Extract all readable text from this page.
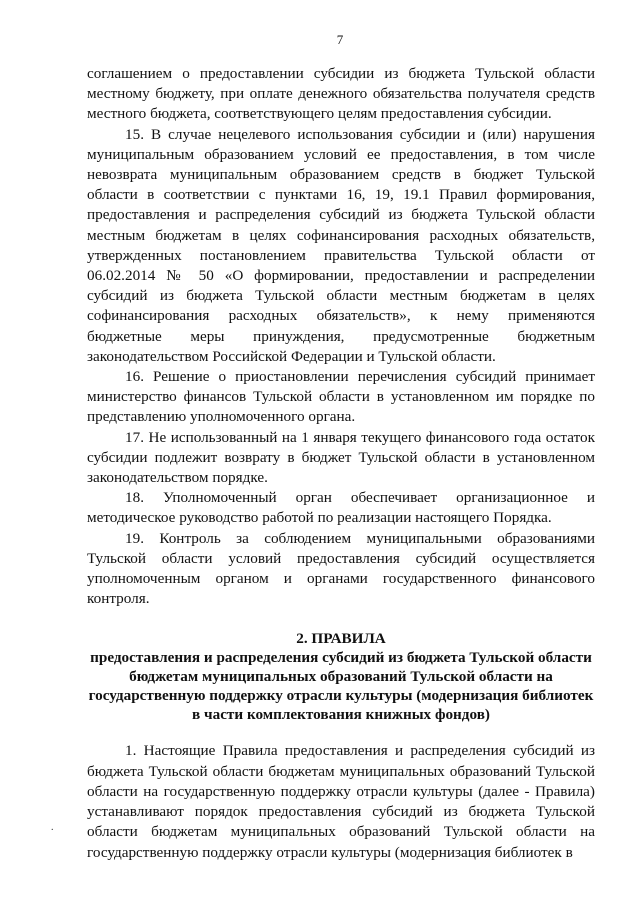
7

соглашением о предоставлении субсидии из бюджета Тульской области местному бюджету, при оплате денежного обязательства получателя средств местного бюджета, соответствующего целям предоставления субсидии.

15. В случае нецелевого использования субсидии и (или) нарушения муниципальным образованием условий ее предоставления, в том числе невозврата муниципальным образованием средств в бюджет Тульской области в соответствии с пунктами 16, 19, 19.1 Правил формирования, предоставления и распределения субсидий из бюджета Тульской области местным бюджетам в целях софинансирования расходных обязательств, утвержденных постановлением правительства Тульской области от 06.02.2014 № 50 «О формировании, предоставлении и распределении субсидий из бюджета Тульской области местным бюджетам в целях софинансирования расходных обязательств», к нему применяются бюджетные меры принуждения, предусмотренные бюджетным законодательством Российской Федерации и Тульской области.

16. Решение о приостановлении перечисления субсидий принимает министерство финансов Тульской области в установленном им порядке по представлению уполномоченного органа.

17. Не использованный на 1 января текущего финансового года остаток субсидии подлежит возврату в бюджет Тульской области в установленном законодательством порядке.

18. Уполномоченный орган обеспечивает организационное и методическое руководство работой по реализации настоящего Порядка.

19. Контроль за соблюдением муниципальными образованиями Тульской области условий предоставления субсидий осуществляется уполномоченным органом и органами государственного финансового контроля.

2. ПРАВИЛА
предоставления и распределения субсидий из бюджета Тульской области бюджетам муниципальных образований Тульской области на государственную поддержку отрасли культуры (модернизация библиотек в части комплектования книжных фондов)

1. Настоящие Правила предоставления и распределения субсидий из бюджета Тульской области бюджетам муниципальных образований Тульской области на государственную поддержку отрасли культуры (далее - Правила) устанавливают порядок предоставления субсидий из бюджета Тульской области бюджетам муниципальных образований Тульской области на государственную поддержку отрасли культуры (модернизация библиотек в

.
